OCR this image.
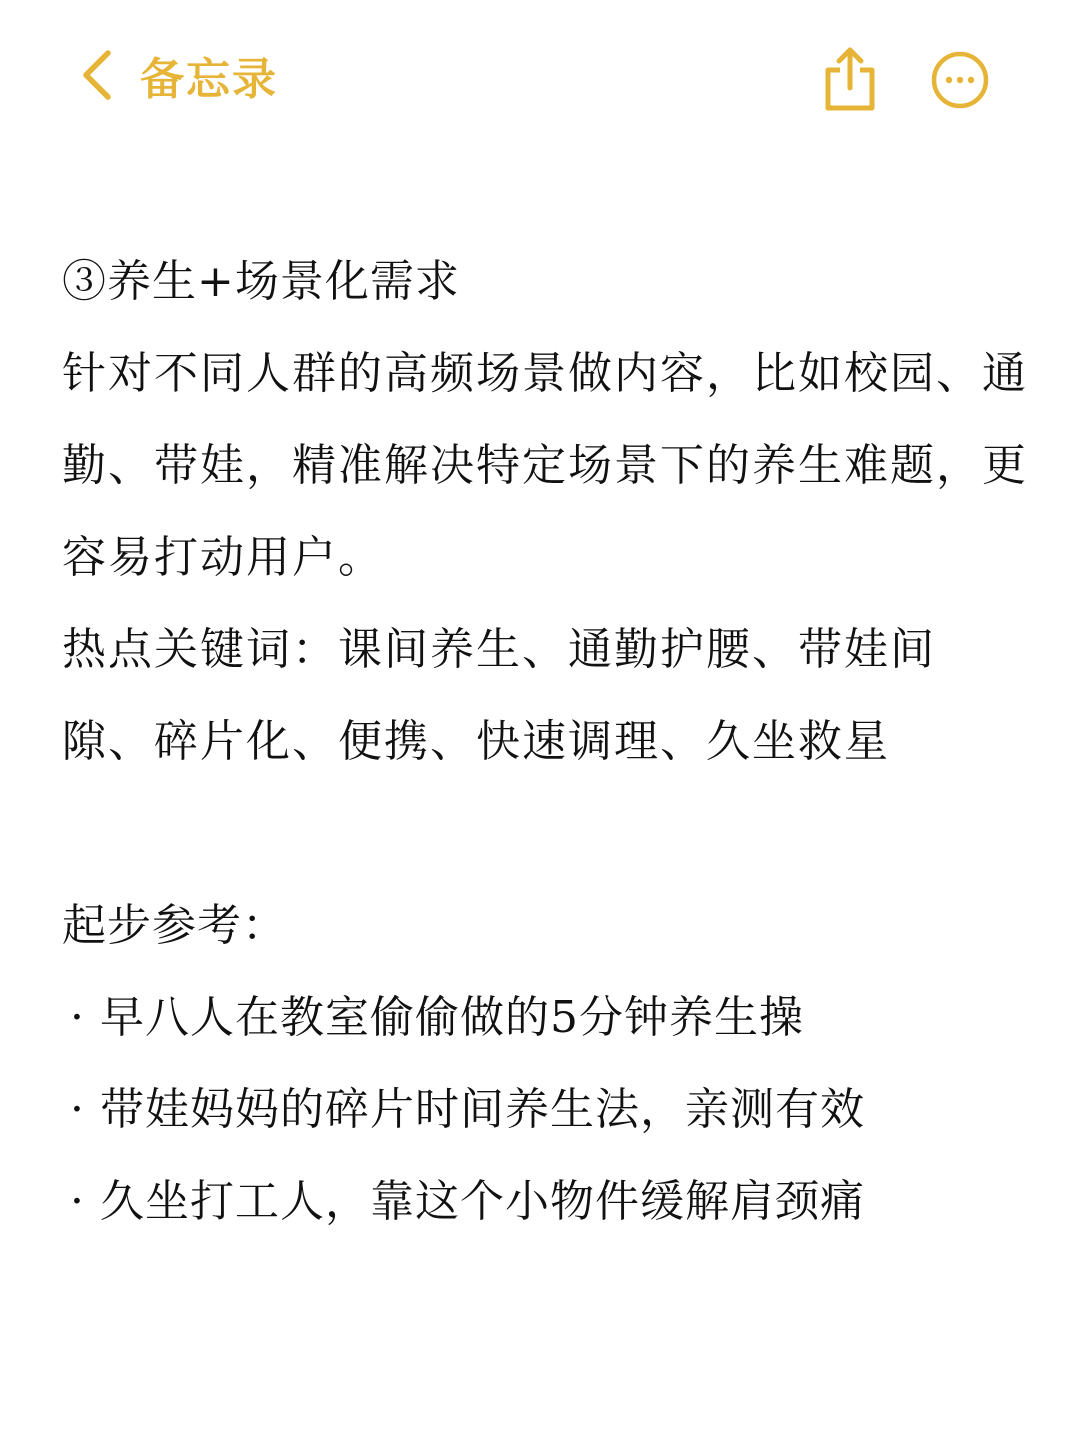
备忘录
③养生+场景化需求
针对不同人群的高频场景做内容，比如校园、通
勤、带娃，精准解决特定场景下的养生难题，更
容易打动用户。
热点关键词：课间养生、通勤护腰、带娃间
隙、碎片化、便携、快速调理、久坐救星
起步参考：
· 早八人在教室偷偷做的5分钟养生操
· 带娃妈妈的碎片时间养生法，亲测有效
· 久坐打工人，靠这个小物件缓解肩颈痛
